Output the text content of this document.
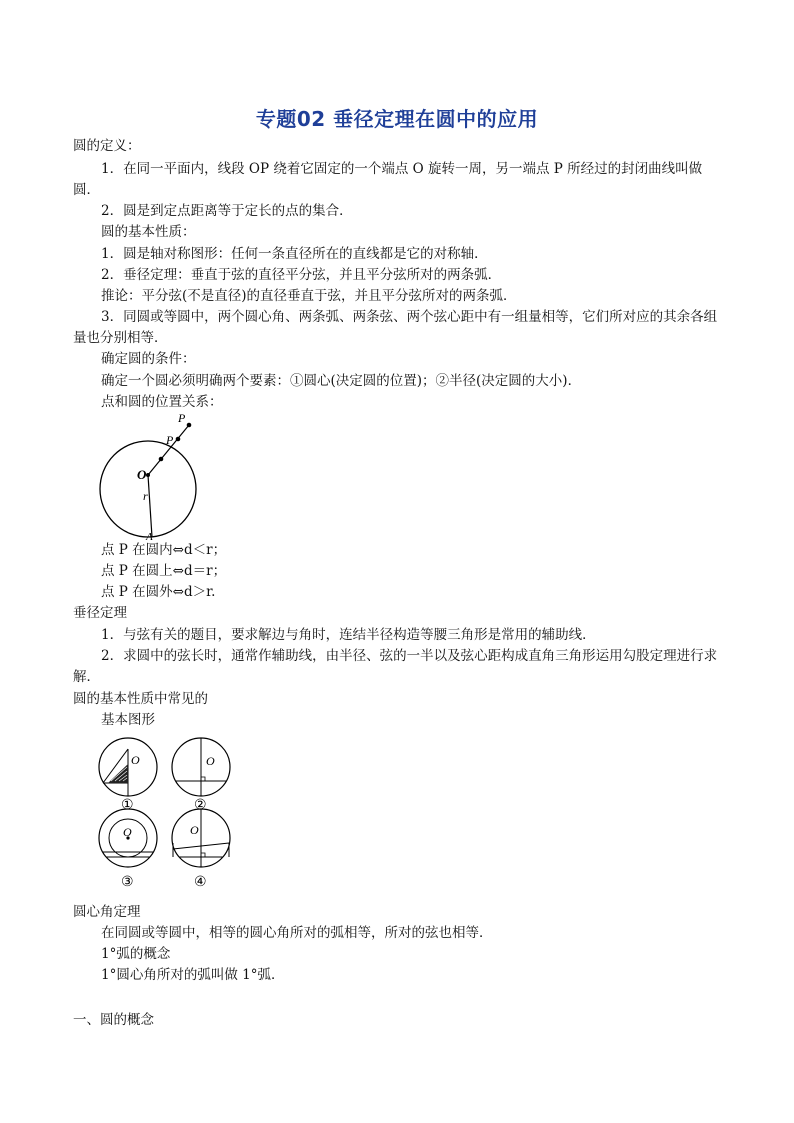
专题02 垂径定理在圆中的应用
圆的定义：
1．在同一平面内，线段 OP 绕着它固定的一个端点 O 旋转一周，另一端点 P 所经过的封闭曲线叫做圆．
2．圆是到定点距离等于定长的点的集合．
圆的基本性质：
1．圆是轴对称图形：任何一条直径所在的直线都是它的对称轴．
2．垂径定理：垂直于弦的直径平分弦，并且平分弦所对的两条弧．
推论：平分弦(不是直径)的直径垂直于弦，并且平分弦所对的两条弧．
3．同圆或等圆中，两个圆心角、两条弧、两条弦、两个弦心距中有一组量相等，它们所对应的其余各组量也分别相等．
确定圆的条件：
确定一个圆必须明确两个要素：①圆心(决定圆的位置)；②半径(决定圆的大小)．
点和圆的位置关系：
P
P
O
r
A
点 P 在圆内⇔d＜r；
点 P 在圆上⇔d＝r；
点 P 在圆外⇔d＞r.
垂径定理
1．与弦有关的题目，要求解边与角时，连结半径构造等腰三角形是常用的辅助线．
2．求圆中的弦长时，通常作辅助线，由半径、弦的一半以及弦心距构成直角三角形运用勾股定理进行求解．
圆的基本性质中常见的
基本图形
O
①
O
②
O
③
O
④
圆心角定理
在同圆或等圆中，相等的圆心角所对的弧相等，所对的弦也相等．
1°弧的概念
1°圆心角所对的弧叫做 1°弧．
一、圆的概念
